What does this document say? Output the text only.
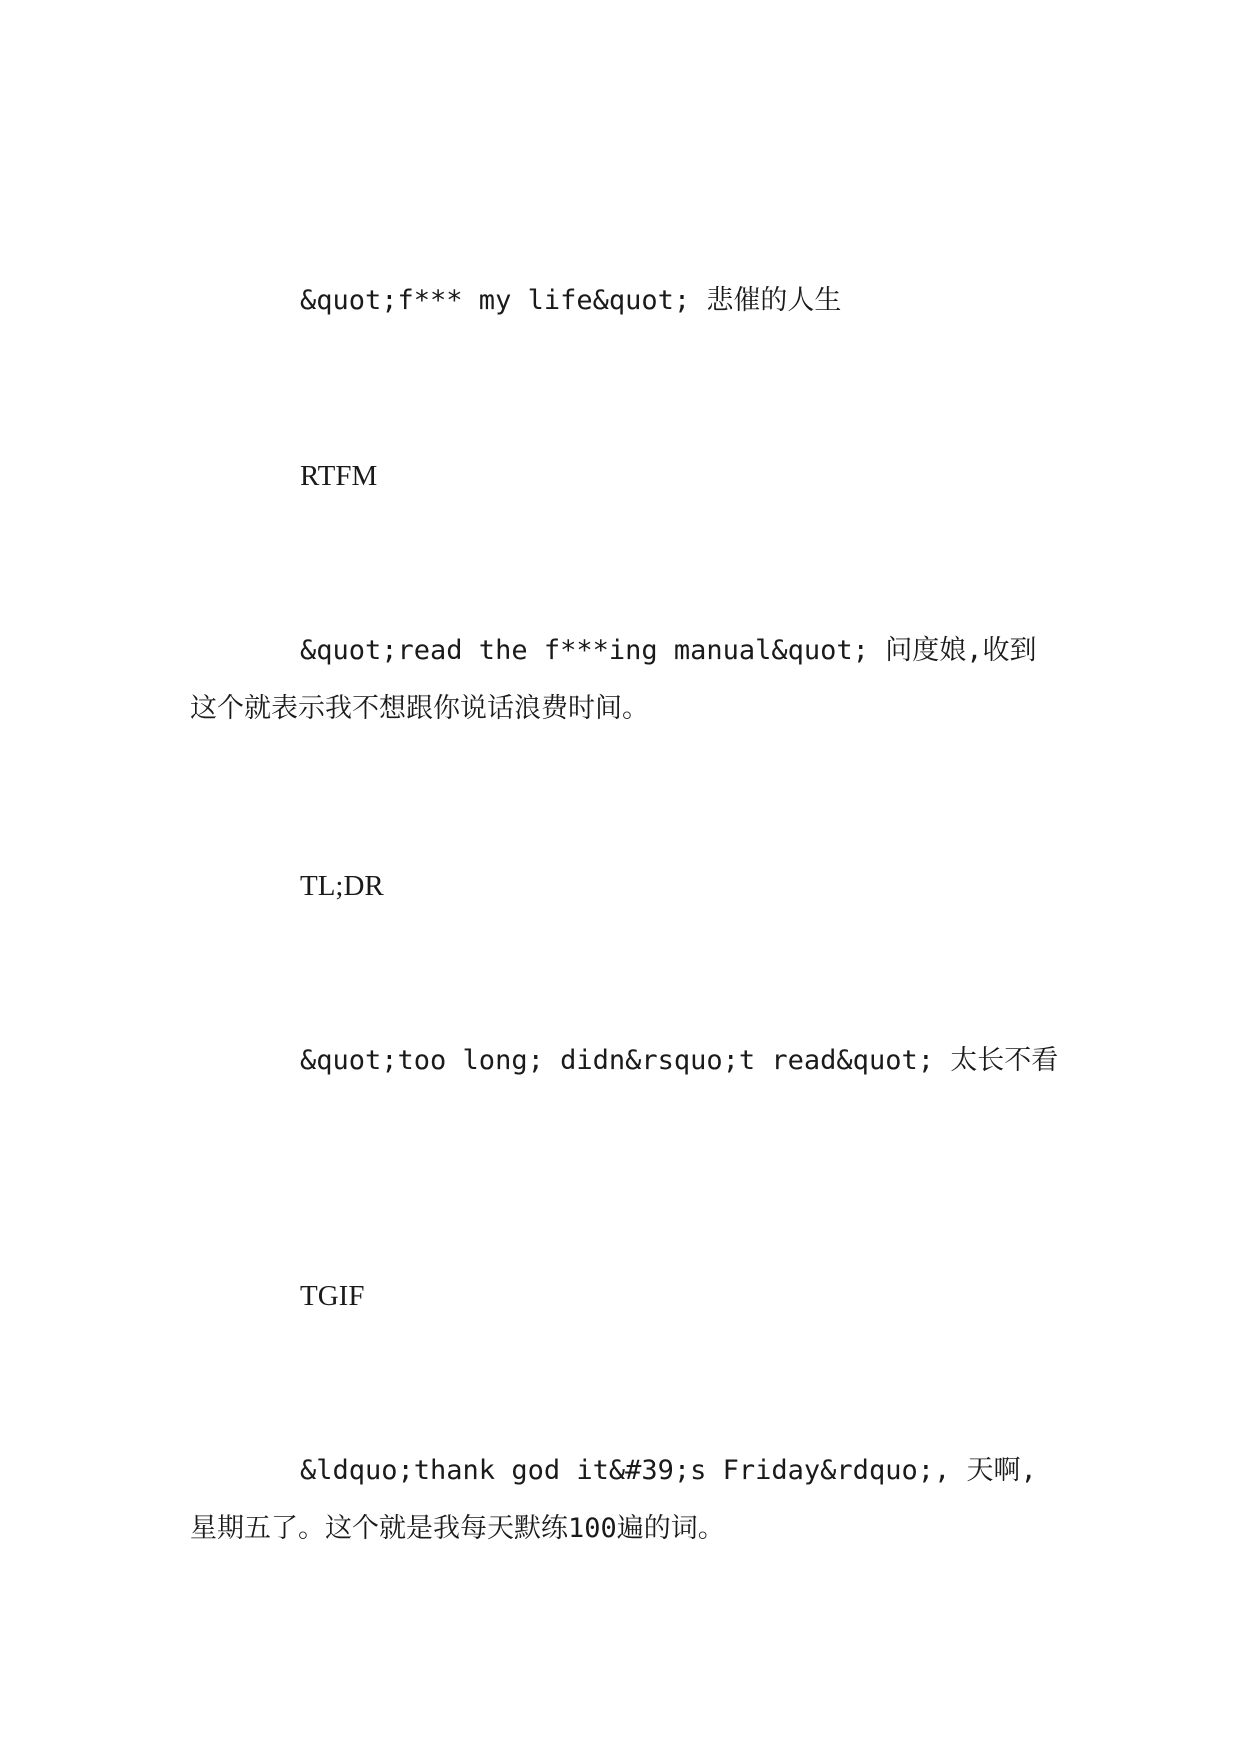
&quot;f*** my life&quot; 悲催的人生

RTFM

&quot;read the f***ing manual&quot; 问度娘,收到这个就表示我不想跟你说话浪费时间。

TL;DR

&quot;too long; didn&rsquo;t read&quot; 太长不看

TGIF

&ldquo;thank god it&#39;s Friday&rdquo;, 天啊,星期五了。这个就是我每天默练100遍的词。
